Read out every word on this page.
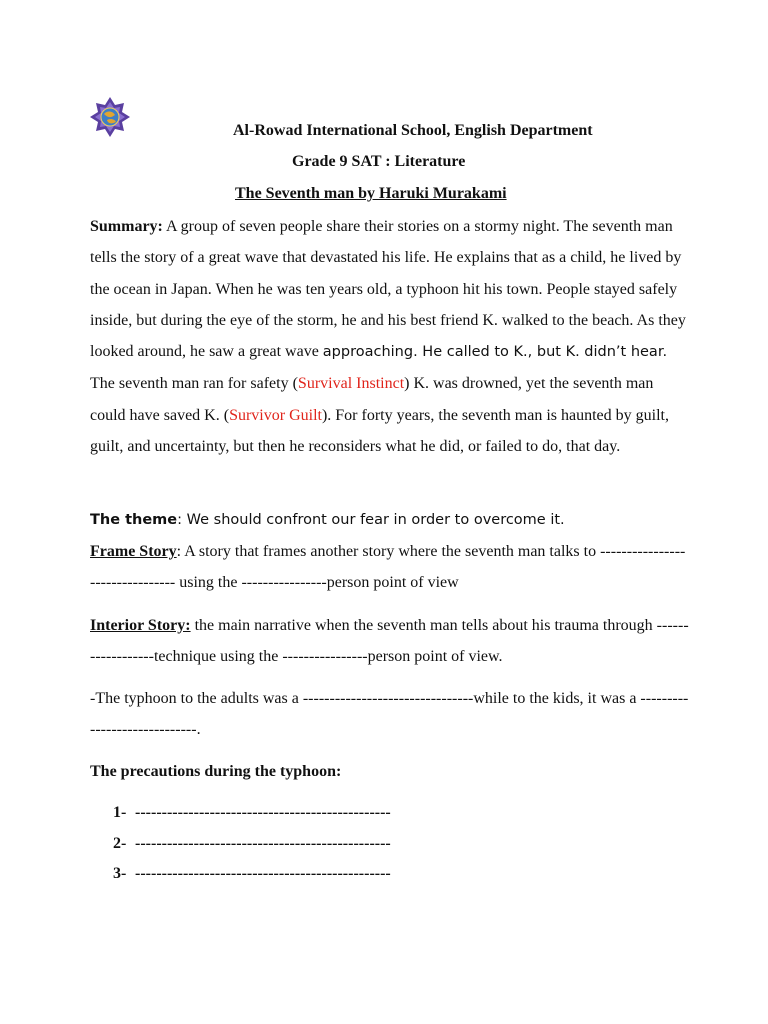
Al-Rowad International School, English Department
Grade 9 SAT : Literature
The Seventh man by Haruki Murakami
Summary: A group of seven people share their stories on a stormy night. The seventh man tells the story of a great wave that devastated his life. He explains that as a child, he lived by the ocean in Japan. When he was ten years old, a typhoon hit his town. People stayed safely inside, but during the eye of the storm, he and his best friend K. walked to the beach. As they looked around, he saw a great wave approaching. He called to K., but K. didn’t hear. The seventh man ran for safety (Survival Instinct) K. was drowned, yet the seventh man could have saved K. (Survivor Guilt). For forty years, the seventh man is haunted by guilt, guilt, and uncertainty, but then he reconsiders what he did, or failed to do, that day.
The theme: We should confront our fear in order to overcome it.
Frame Story: A story that frames another story where the seventh man talks to -------------------------------- using the ----------------person point of view
Interior Story: the main narrative when the seventh man tells about his trauma through ------------------technique using the ----------------person point of view.
-The typhoon to the adults was a --------------------------------while to the kids, it was a -----------------------------.
The precautions during the typhoon:
1- ------------------------------------------------
2- ------------------------------------------------
3- ------------------------------------------------
